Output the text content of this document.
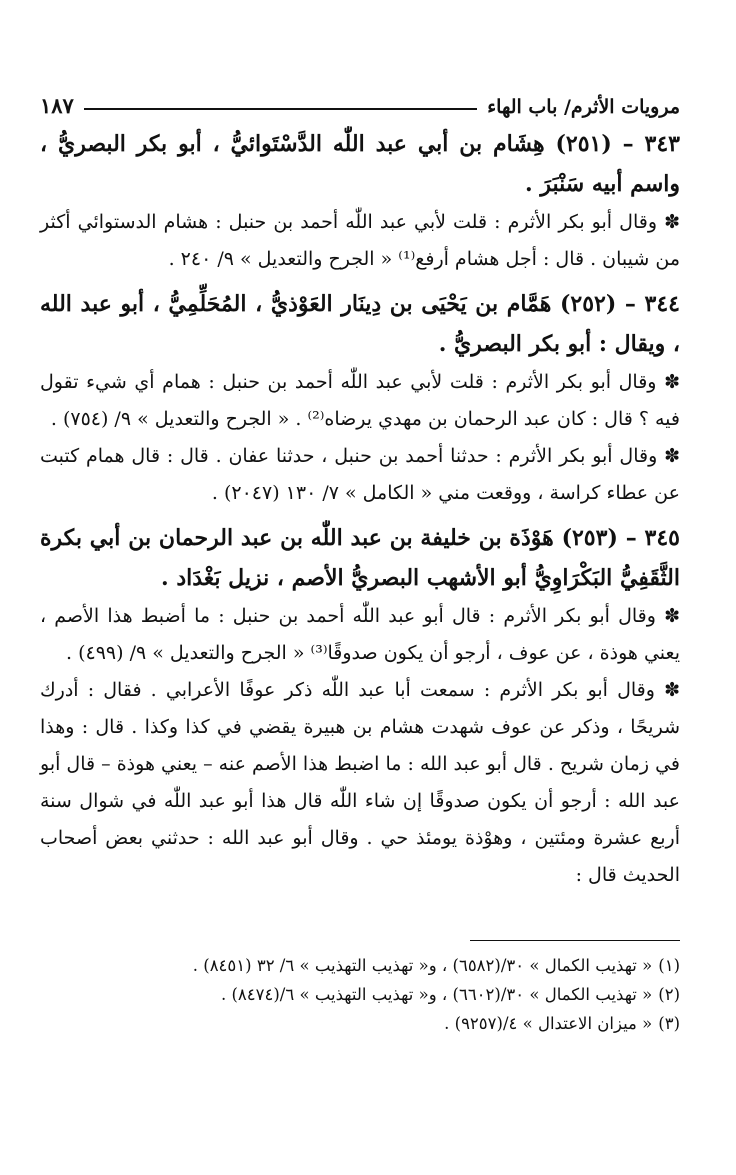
مرويات الأثرم/ باب الهاء
١٨٧
٣٤٣ – (٢٥١) هِشَام بن أبي عبد اللّٰه الدَّسْتَوائيُّ ، أبو بكر البصريُّ ، واسم أبيه سَنْبَرَ .
✽ وقال أبو بكر الأثرم : قلت لأبي عبد اللّٰه أحمد بن حنبل : هشام الدستوائي أكثر من شيبان . قال : أجل هشام أرفع⁽¹⁾ « الجرح والتعديل » ٩/ ٢٤٠ .
٣٤٤ – (٢٥٢) هَمَّام بن يَحْيَى بن دِينَار العَوْذيُّ ، المُحَلِّمِيُّ ، أبو عبد الله ، ويقال : أبو بكر البصريُّ .
✽ وقال أبو بكر الأثرم : قلت لأبي عبد اللّٰه أحمد بن حنبل : همام أي شيء تقول فيه ؟ قال : كان عبد الرحمان بن مهدي يرضاه⁽²⁾ . « الجرح والتعديل » ٩/ (٧٥٤) .
✽ وقال أبو بكر الأثرم : حدثنا أحمد بن حنبل ، حدثنا عفان . قال : قال همام كتبت عن عطاء كراسة ، ووقعت مني « الكامل » ٧/ ١٣٠ (٢٠٤٧) .
٣٤٥ – (٢٥٣) هَوْذَة بن خليفة بن عبد اللّٰه بن عبد الرحمان بن أبي بكرة الثَّقَفِيُّ البَكْرَاوِيُّ أبو الأشهب البصريُّ الأصم ، نزيل بَغْدَاد .
✽ وقال أبو بكر الأثرم : قال أبو عبد اللّٰه أحمد بن حنبل : ما أضبط هذا الأصم ، يعني هوذة ، عن عوف ، أرجو أن يكون صدوقًا⁽³⁾ « الجرح والتعديل » ٩/ (٤٩٩) .
✽ وقال أبو بكر الأثرم : سمعت أبا عبد اللّٰه ذكر عوفًا الأعرابي . فقال : أدرك شريحًا ، وذكر عن عوف شهدت هشام بن هبيرة يقضي في كذا وكذا . قال : وهذا في زمان شريح . قال أبو عبد الله : ما اضبط هذا الأصم عنه – يعني هوذة – قال أبو عبد الله : أرجو أن يكون صدوقًا إن شاء اللّٰه قال هذا أبو عبد اللّٰه في شوال سنة أربع عشرة ومئتين ، وهوْذة يومئذ حي . وقال أبو عبد الله : حدثني بعض أصحاب الحديث قال :
(١)« تهذيب الكمال » ٣٠/(٦٥٨٢) ، و« تهذيب التهذيب » ٦/ ٣٢ (٨٤٥١) .
(٢)« تهذيب الكمال » ٣٠/(٦٦٠٢) ، و« تهذيب التهذيب » ٦/(٨٤٧٤) .
(٣)« ميزان الاعتدال » ٤/(٩٢٥٧) .
